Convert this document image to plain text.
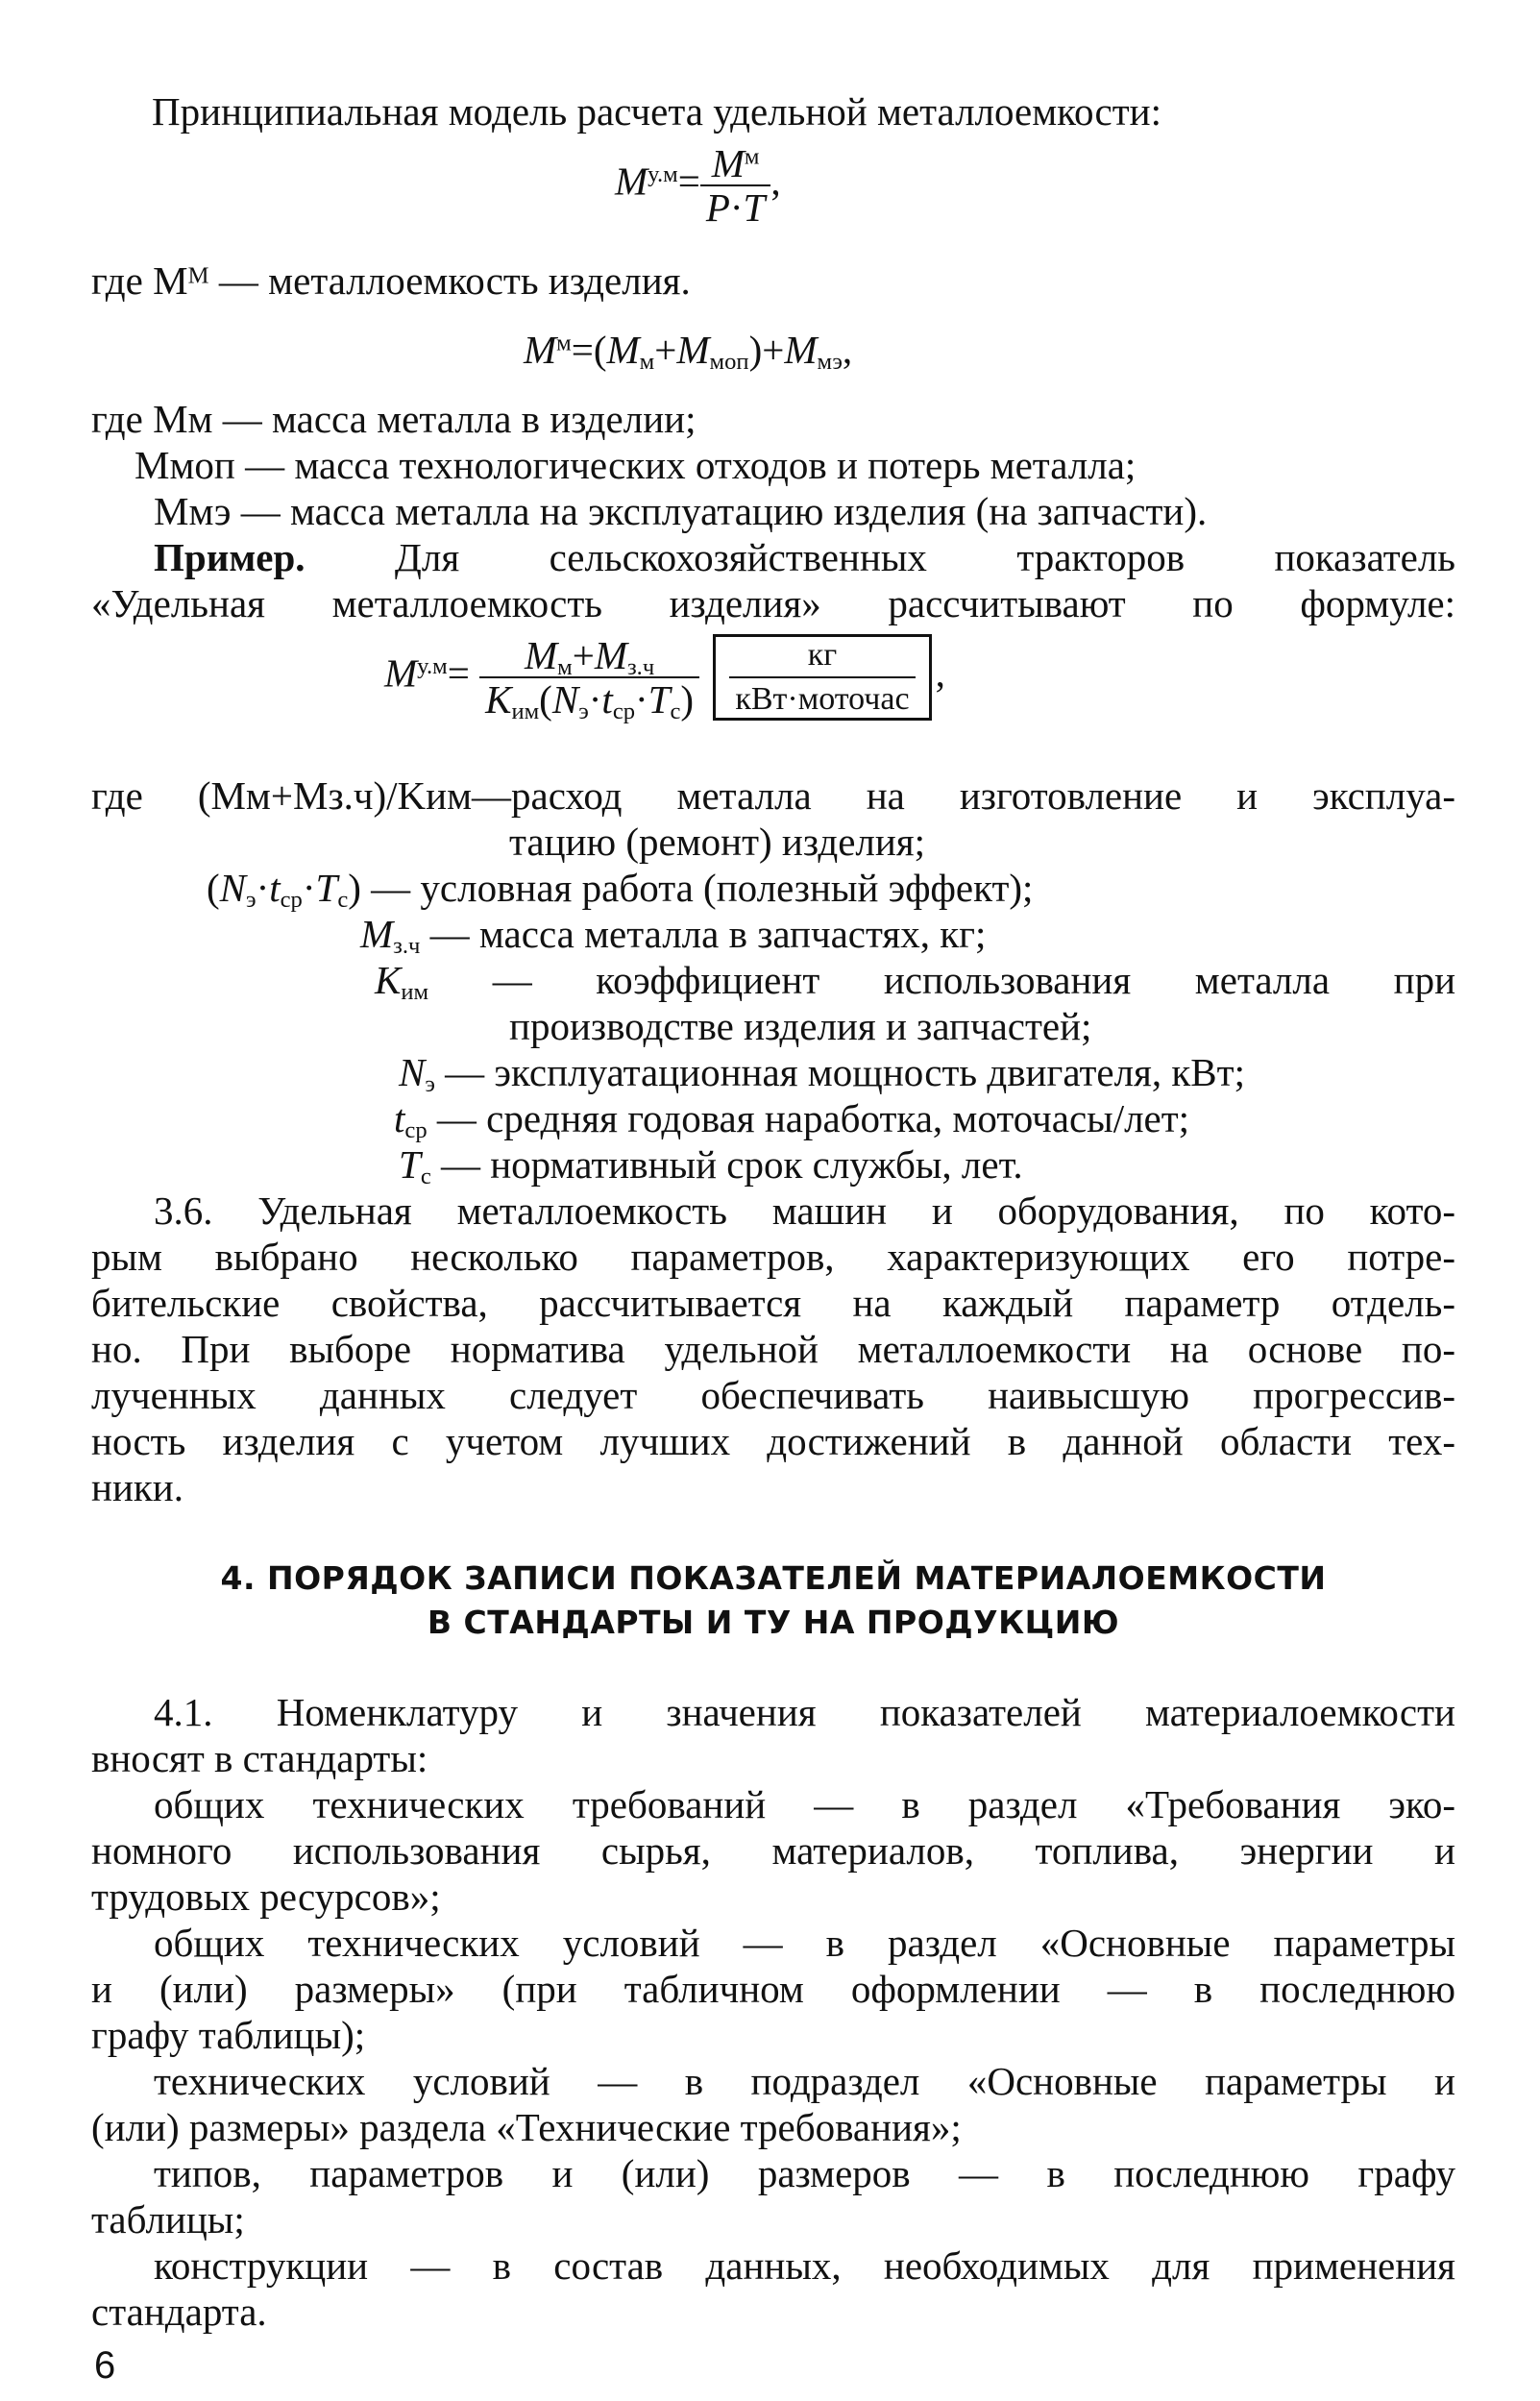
Принципиальная модель расчета удельной металлоемкости:
$M^{у.м}= \frac{M^м}{P\cdot T}$ ,
где Mᴹ — металлоемкость изделия.
$M^м=(M_м+M_{моп})+M_{мэ}$,
где Mм — масса металла в изделии;
Mмоп — масса технологических отходов и потерь металла;
Mмэ — масса металла на эксплуатацию изделия (на запчасти).
Пример. Для сельскохозяйственных тракторов показатель
«Удельная металлоемкость изделия» рассчитывают по формуле:
$M^{у.м}= \frac{M_м+M_{з.ч}}{K_{им}(N_э\cdot t_{ср}\cdot T_с)}$
$\frac{кг}{\text{кВт·моточас}}$ ,
где (Mм+Mз.ч)/Kим—расход металла на изготовление и эксплуа-
тацию (ремонт) изделия;
$(N_э\cdot t_{ср}\cdot T_с)$ — условная работа (полезный эффект);
$M_{з.ч}$ — масса металла в запчастях, кг;
$K_{им}$ — коэффициент использования металла при
производстве изделия и запчастей;
$N_э$ — эксплуатационная мощность двигателя, кВт;
$t_{ср}$ — средняя годовая наработка, моточасы/лет;
$T_с$ — нормативный срок службы, лет.
3.6. Удельная металлоемкость машин и оборудования, по кото-
рым выбрано несколько параметров, характеризующих его потре-
бительские свойства, рассчитывается на каждый параметр отдель-
но. При выборе норматива удельной металлоемкости на основе по-
лученных данных следует обеспечивать наивысшую прогрессив-
ность изделия с учетом лучших достижений в данной области тех-
ники.
4. ПОРЯДОК ЗАПИСИ ПОКАЗАТЕЛЕЙ МАТЕРИАЛОЕМКОСТИ
В СТАНДАРТЫ И ТУ НА ПРОДУКЦИЮ
4.1. Номенклатуру и значения показателей материалоемкости
вносят в стандарты:
общих технических требований — в раздел «Требования эко-
номного использования сырья, материалов, топлива, энергии и
трудовых ресурсов»;
общих технических условий — в раздел «Основные параметры
и (или) размеры» (при табличном оформлении — в последнюю
графу таблицы);
технических условий — в подраздел «Основные параметры и
(или) размеры» раздела «Технические требования»;
типов, параметров и (или) размеров — в последнюю графу
таблицы;
конструкции — в состав данных, необходимых для применения
стандарта.
6
